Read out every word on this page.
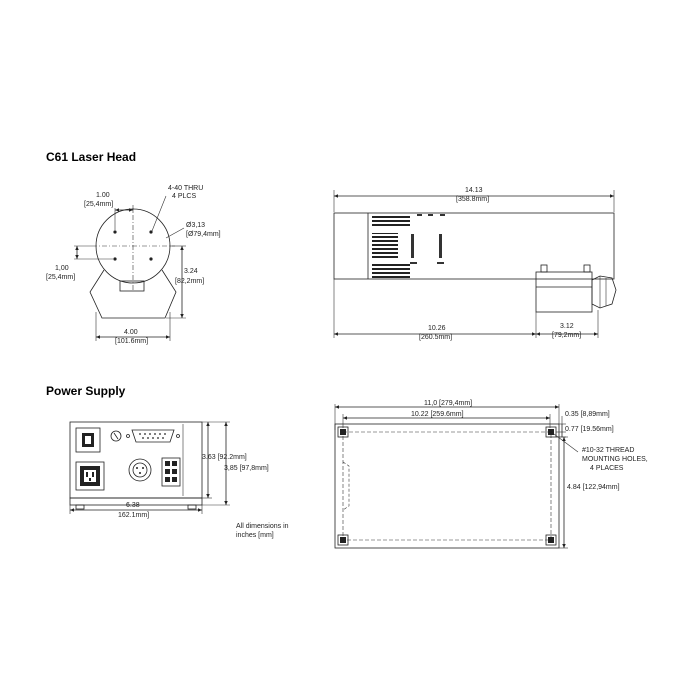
C61 Laser Head
Power Supply
1.00
[25,4mm]
4-40 THRU
4 PLCS
Ø3,13
[Ø79,4mm]
1,00
[25,4mm]
3.24
[82,2mm]
4.00
[101.6mm]
14.13
[358.8mm]
10.26
[260.5mm]
3.12
[79,2mm]
3.63 [92.2mm]
3,85 [97,8mm]
6.38
162.1mm]
All dimensions in
inches [mm]
11,0 [279,4mm]
10.22 [259.6mm]	0.35 [8,89mm]
0.77 [19.56mm]
#10-32 THREAD
MOUNTING HOLES,
4 PLACES
4.84 [122,94mm]
